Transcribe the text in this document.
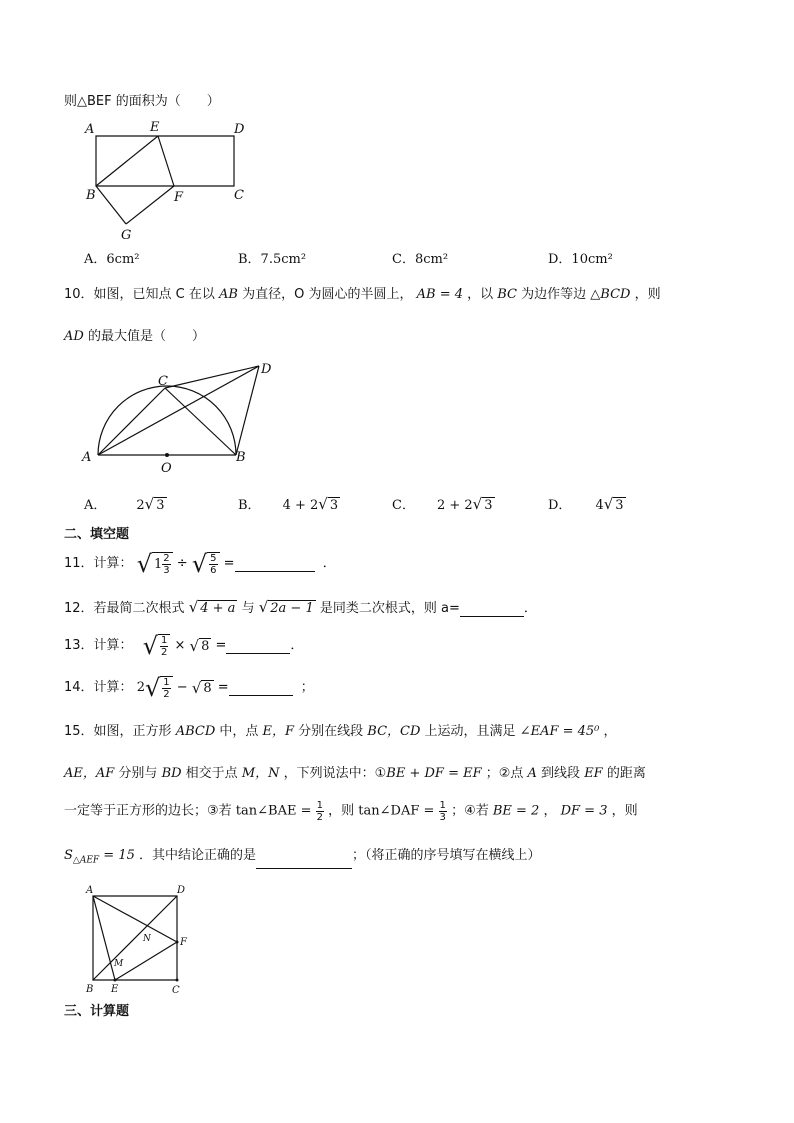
则△BEF 的面积为（　　）
A	E	D
B	F	C
G
A．6cm²	B．7.5cm²	C．8cm²	D．10cm²
10．如图，已知点 C 在以 AB 为直径，O 为圆心的半圆上， AB = 4 ，以 BC 为边作等边 △BCD ，则
AD 的最大值是（　　）
A	B
C
D
O
A． 2√ 3	B． 4 + 2√ 3	C． 2 + 2√ 3	D． 4√ 3
二、填空题
11．计算： √ $1 \frac{2}{3}$ ÷ √ $\frac{5}{6}$ =	．
12．若最简二次根式 √ 4 + a 与 √ 2a − 1 是同类二次根式，则 a=	．
13．计算： √ $\frac{1}{2}$ × √ 8 =	．
14．计算： $2√ \frac{1}{2}$ − √ 8 =	；
15．如图，正方形 ABCD 中，点 E，F 分别在线段 BC，CD 上运动，且满足 ∠EAF = 45⁰ ，
AE，AF 分别与 BD 相交于点 M，N ，下列说法中：①BE + DF = EF ；②点 A 到线段 EF 的距离
一定等于正方形的边长；③若 tan∠BAE = $\frac{1}{2}$ ，则 tan∠DAF = $\frac{1}{3}$ ；④若 BE = 2 ， DF = 3 ，则
$S_{\triangle AEF} = 15$ ．其中结论正确的是	；（将正确的序号填写在横线上）
A	D
N	F
M
B E	C
三、计算题
